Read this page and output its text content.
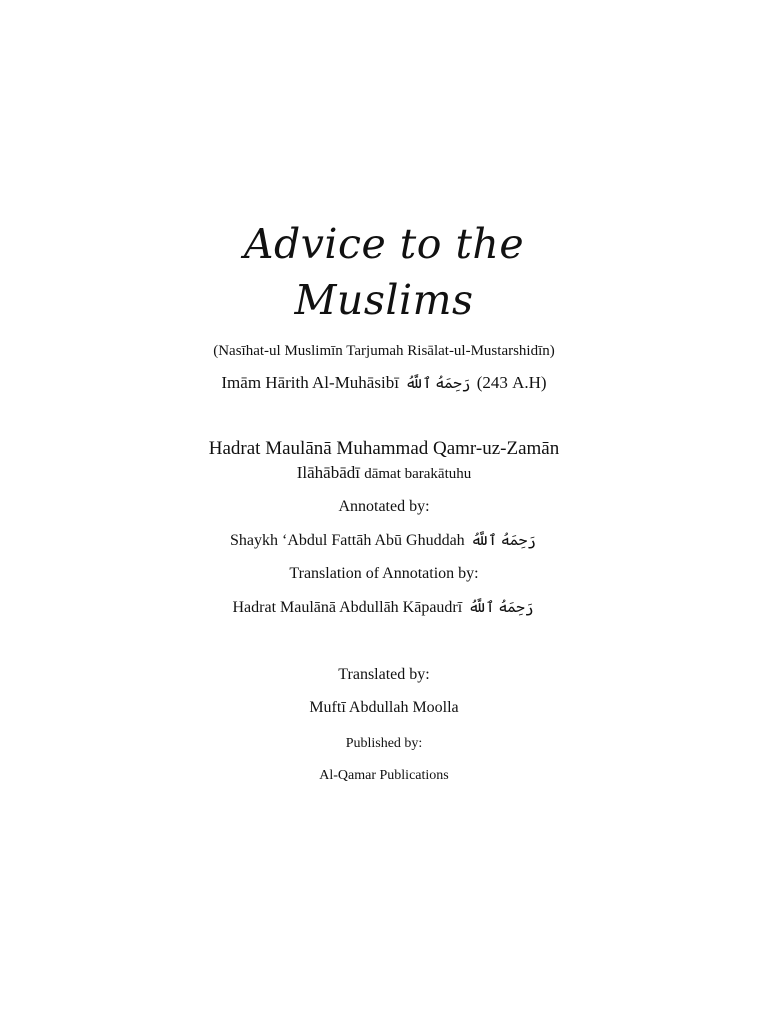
Advice to the
Muslims
(Nasīhat-ul Muslimīn Tarjumah Risālat-ul-Mustarshidīn)
Imām Hārith Al-Muhāsibī رَحِمَهُ ٱللَّهُ (243 A.H)
Hadrat Maulānā Muhammad Qamr-uz-Zamān
Ilāhābādī dāmat barakātuhu
Annotated by:
Shaykh ‘Abdul Fattāh Abū Ghuddah رَحِمَهُ ٱللَّهُ
Translation of Annotation by:
Hadrat Maulānā Abdullāh Kāpaudrī رَحِمَهُ ٱللَّهُ
Translated by:
Muftī Abdullah Moolla
Published by:
Al-Qamar Publications
